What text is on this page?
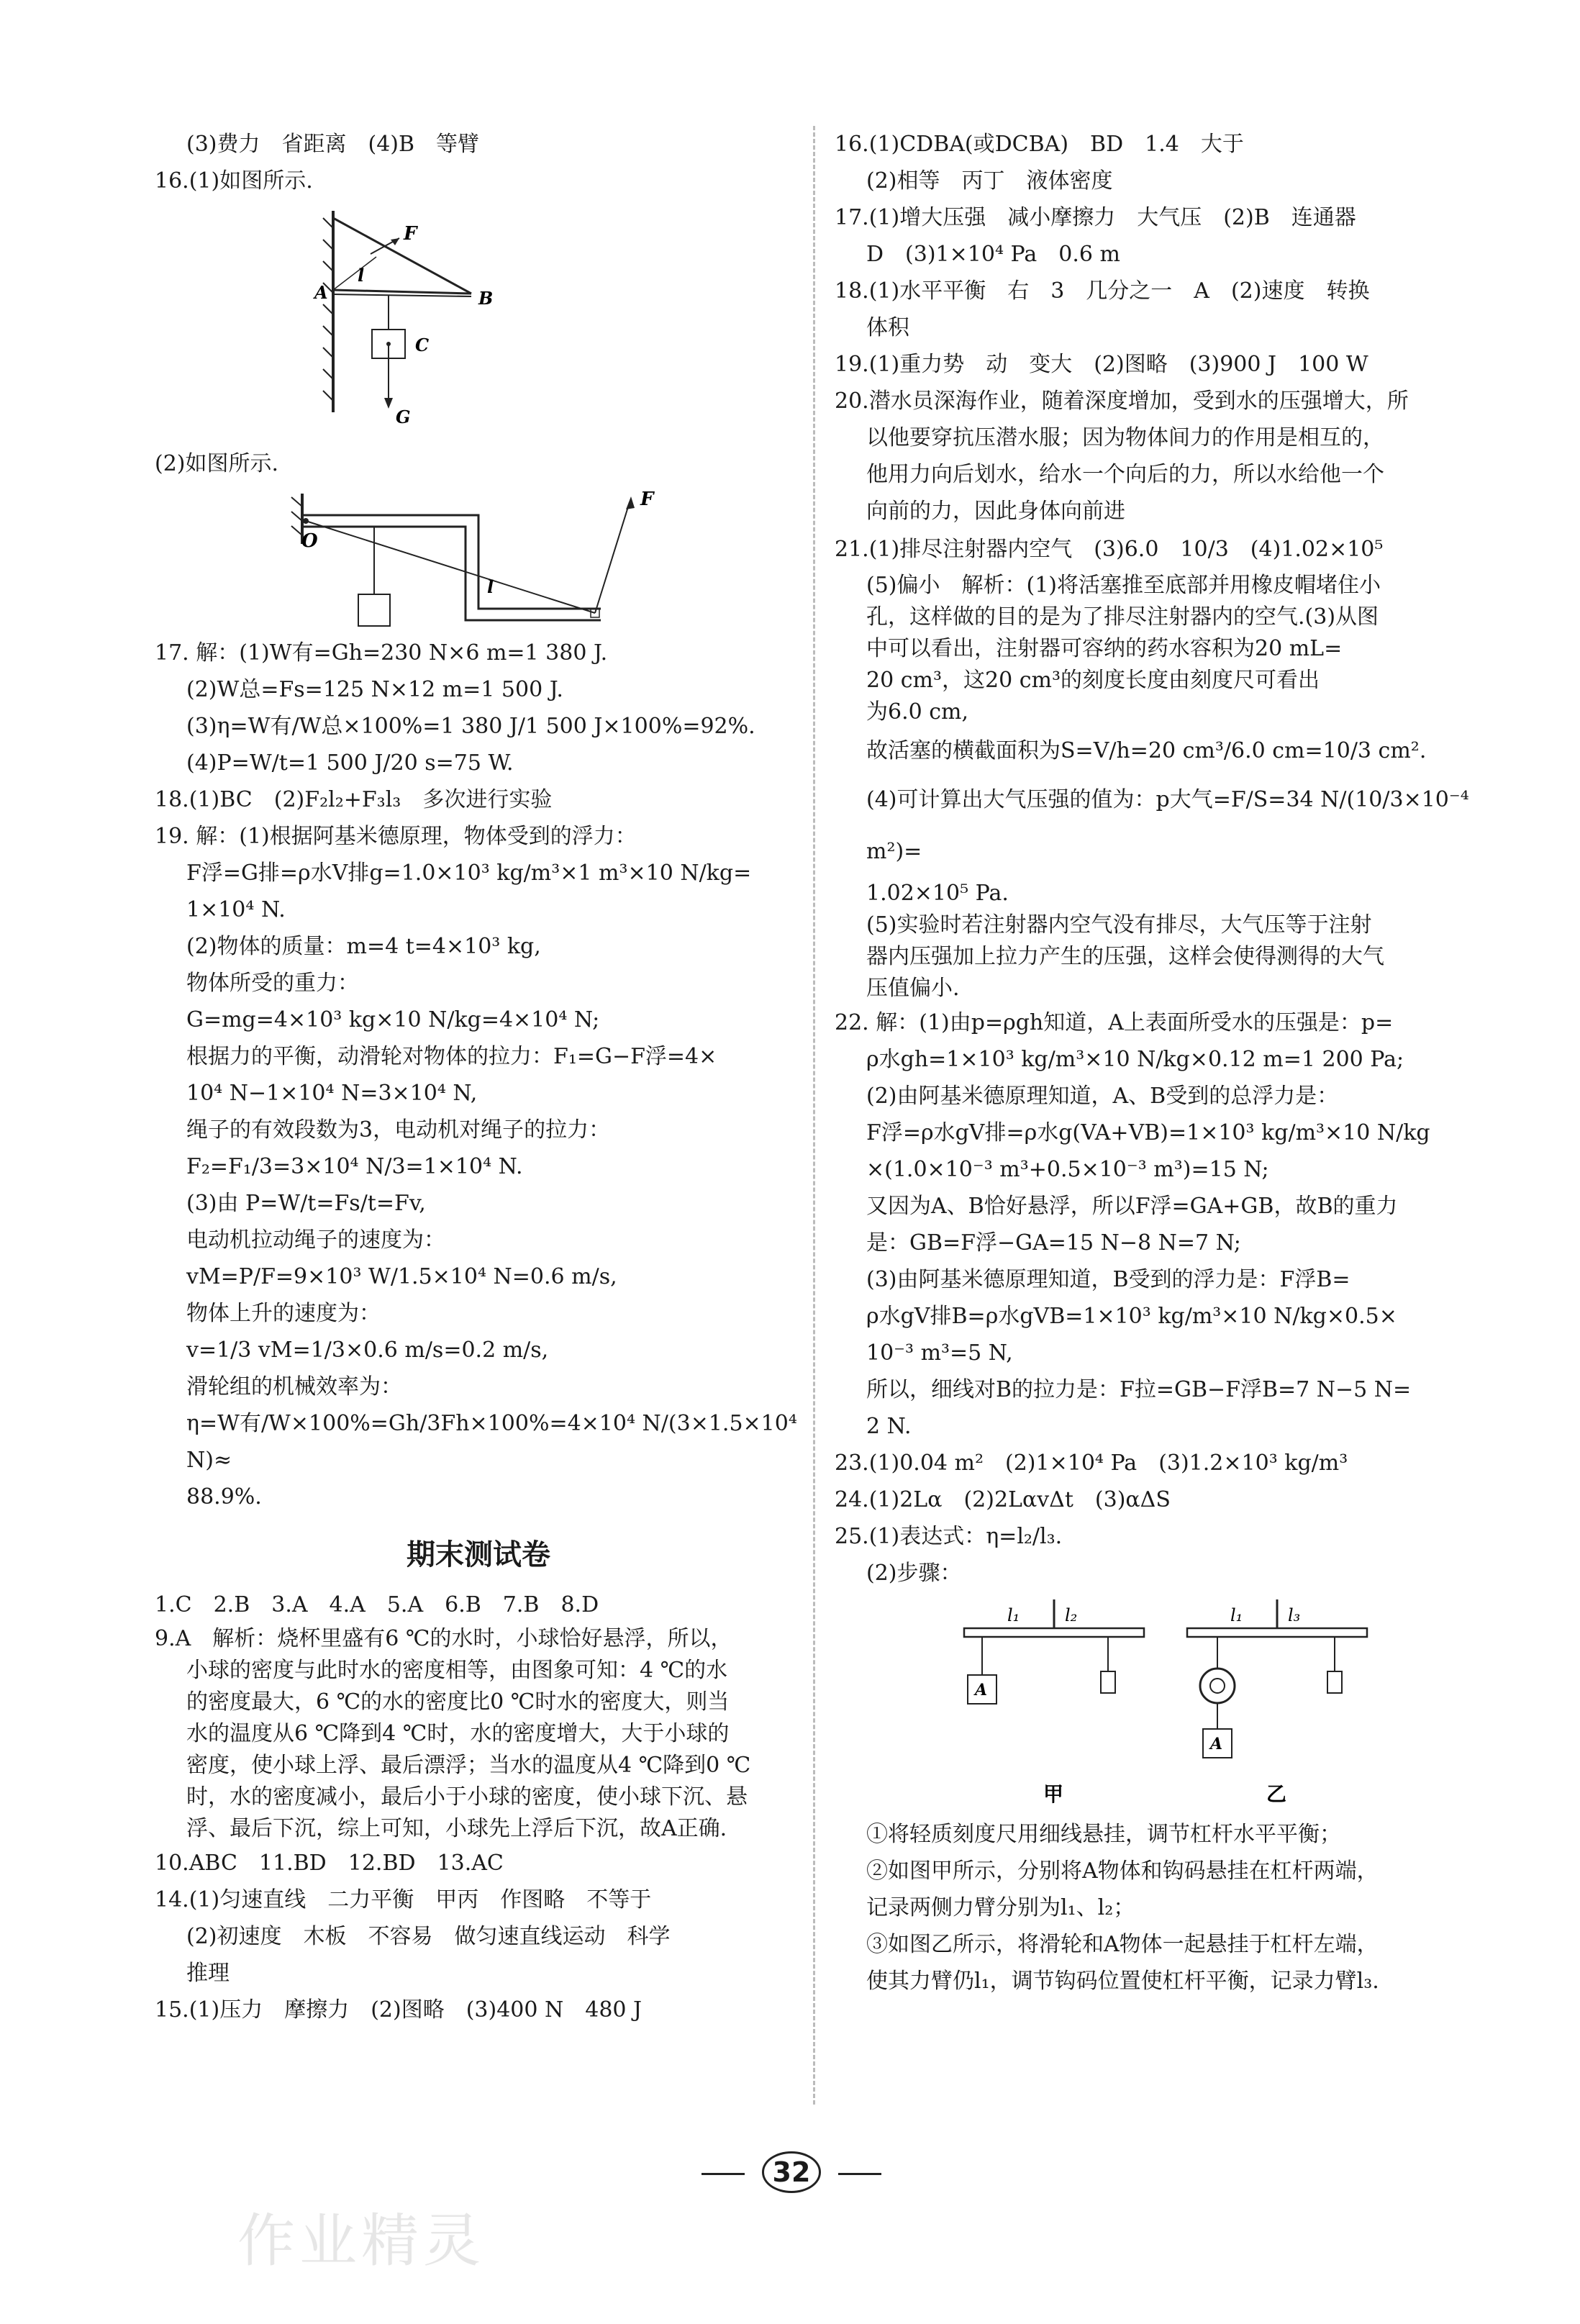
(3)费力　省距离　(4)B　等臂

16.(1)如图所示.

F
l
A	B
C
G

(2)如图所示.

O
l
F

17. 解：(1)W有=Gh=230 N×6 m=1 380 J.

(2)W总=Fs=125 N×12 m=1 500 J.

(3)η=W有/W总×100%=1 380 J/1 500 J×100%=92%.

(4)P=W/t=1 500 J/20 s=75 W.

18.(1)BC　(2)F₂l₂+F₃l₃　多次进行实验

19. 解：(1)根据阿基米德原理，物体受到的浮力：

F浮=G排=ρ水V排g=1.0×10³ kg/m³×1 m³×10 N/kg=

1×10⁴ N.

(2)物体的质量：m=4 t=4×10³ kg,

物体所受的重力：

G=mg=4×10³ kg×10 N/kg=4×10⁴ N;

根据力的平衡，动滑轮对物体的拉力：F₁=G−F浮=4×

10⁴ N−1×10⁴ N=3×10⁴ N,

绳子的有效段数为3，电动机对绳子的拉力：

F₂=F₁/3=3×10⁴ N/3=1×10⁴ N.

(3)由 P=W/t=Fs/t=Fv,

电动机拉动绳子的速度为：

vM=P/F=9×10³ W/1.5×10⁴ N=0.6 m/s,

物体上升的速度为：

v=1/3 vM=1/3×0.6 m/s=0.2 m/s,

滑轮组的机械效率为：

η=W有/W×100%=Gh/3Fh×100%=4×10⁴ N/(3×1.5×10⁴ N)≈

88.9%.

期末测试卷

1.C　2.B　3.A　4.A　5.A　6.B　7.B　8.D

9.A　解析：烧杯里盛有6 ℃的水时，小球恰好悬浮，所以，

小球的密度与此时水的密度相等，由图象可知：4 ℃的水

的密度最大，6 ℃的水的密度比0 ℃时水的密度大，则当

水的温度从6 ℃降到4 ℃时，水的密度增大，大于小球的

密度，使小球上浮、最后漂浮；当水的温度从4 ℃降到0 ℃

时，水的密度减小，最后小于小球的密度，使小球下沉、悬

浮、最后下沉，综上可知，小球先上浮后下沉，故A正确.

10.ABC　11.BD　12.BD　13.AC

14.(1)匀速直线　二力平衡　甲丙　作图略　不等于

(2)初速度　木板　不容易　做匀速直线运动　科学

推理

15.(1)压力　摩擦力　(2)图略　(3)400 N　480 J

16.(1)CDBA(或DCBA)　BD　1.4　大于

(2)相等　丙丁　液体密度

17.(1)增大压强　减小摩擦力　大气压　(2)B　连通器

D　(3)1×10⁴ Pa　0.6 m

18.(1)水平平衡　右　3　几分之一　A　(2)速度　转换

体积

19.(1)重力势　动　变大　(2)图略　(3)900 J　100 W

20.潜水员深海作业，随着深度增加，受到水的压强增大，所

以他要穿抗压潜水服；因为物体间力的作用是相互的，

他用力向后划水，给水一个向后的力，所以水给他一个

向前的力，因此身体向前进

21.(1)排尽注射器内空气　(3)6.0　10/3　(4)1.02×10⁵

(5)偏小　解析：(1)将活塞推至底部并用橡皮帽堵住小

孔，这样做的目的是为了排尽注射器内的空气.(3)从图

中可以看出，注射器可容纳的药水容积为20 mL=

20 cm³，这20 cm³的刻度长度由刻度尺可看出

为6.0 cm,

故活塞的横截面积为S=V/h=20 cm³/6.0 cm=10/3 cm².

(4)可计算出大气压强的值为：p大气=F/S=34 N/(10/3×10⁻⁴ m²)=

1.02×10⁵ Pa.

(5)实验时若注射器内空气没有排尽，大气压等于注射

器内压强加上拉力产生的压强，这样会使得测得的大气

压值偏小.

22. 解：(1)由p=ρgh知道，A上表面所受水的压强是：p=

ρ水gh=1×10³ kg/m³×10 N/kg×0.12 m=1 200 Pa;

(2)由阿基米德原理知道，A、B受到的总浮力是：

F浮=ρ水gV排=ρ水g(VA+VB)=1×10³ kg/m³×10 N/kg

×(1.0×10⁻³ m³+0.5×10⁻³ m³)=15 N;

又因为A、B恰好悬浮，所以F浮=GA+GB，故B的重力

是：GB=F浮−GA=15 N−8 N=7 N;

(3)由阿基米德原理知道，B受到的浮力是：F浮B=

ρ水gV排B=ρ水gVB=1×10³ kg/m³×10 N/kg×0.5×

10⁻³ m³=5 N,

所以，细线对B的拉力是：F拉=GB−F浮B=7 N−5 N=

2 N.

23.(1)0.04 m²　(2)1×10⁴ Pa　(3)1.2×10³ kg/m³

24.(1)2Lα　(2)2LαvΔt　(3)αΔS

25.(1)表达式：η=l₂/l₃.

(2)步骤：

l₁	l₂
A
l₁	l₃
A
甲	乙

①将轻质刻度尺用细线悬挂，调节杠杆水平平衡；

②如图甲所示，分别将A物体和钩码悬挂在杠杆两端，

记录两侧力臂分别为l₁、l₂；

③如图乙所示，将滑轮和A物体一起悬挂于杠杆左端，

使其力臂仍l₁，调节钩码位置使杠杆平衡，记录力臂l₃.

32
作业精灵
